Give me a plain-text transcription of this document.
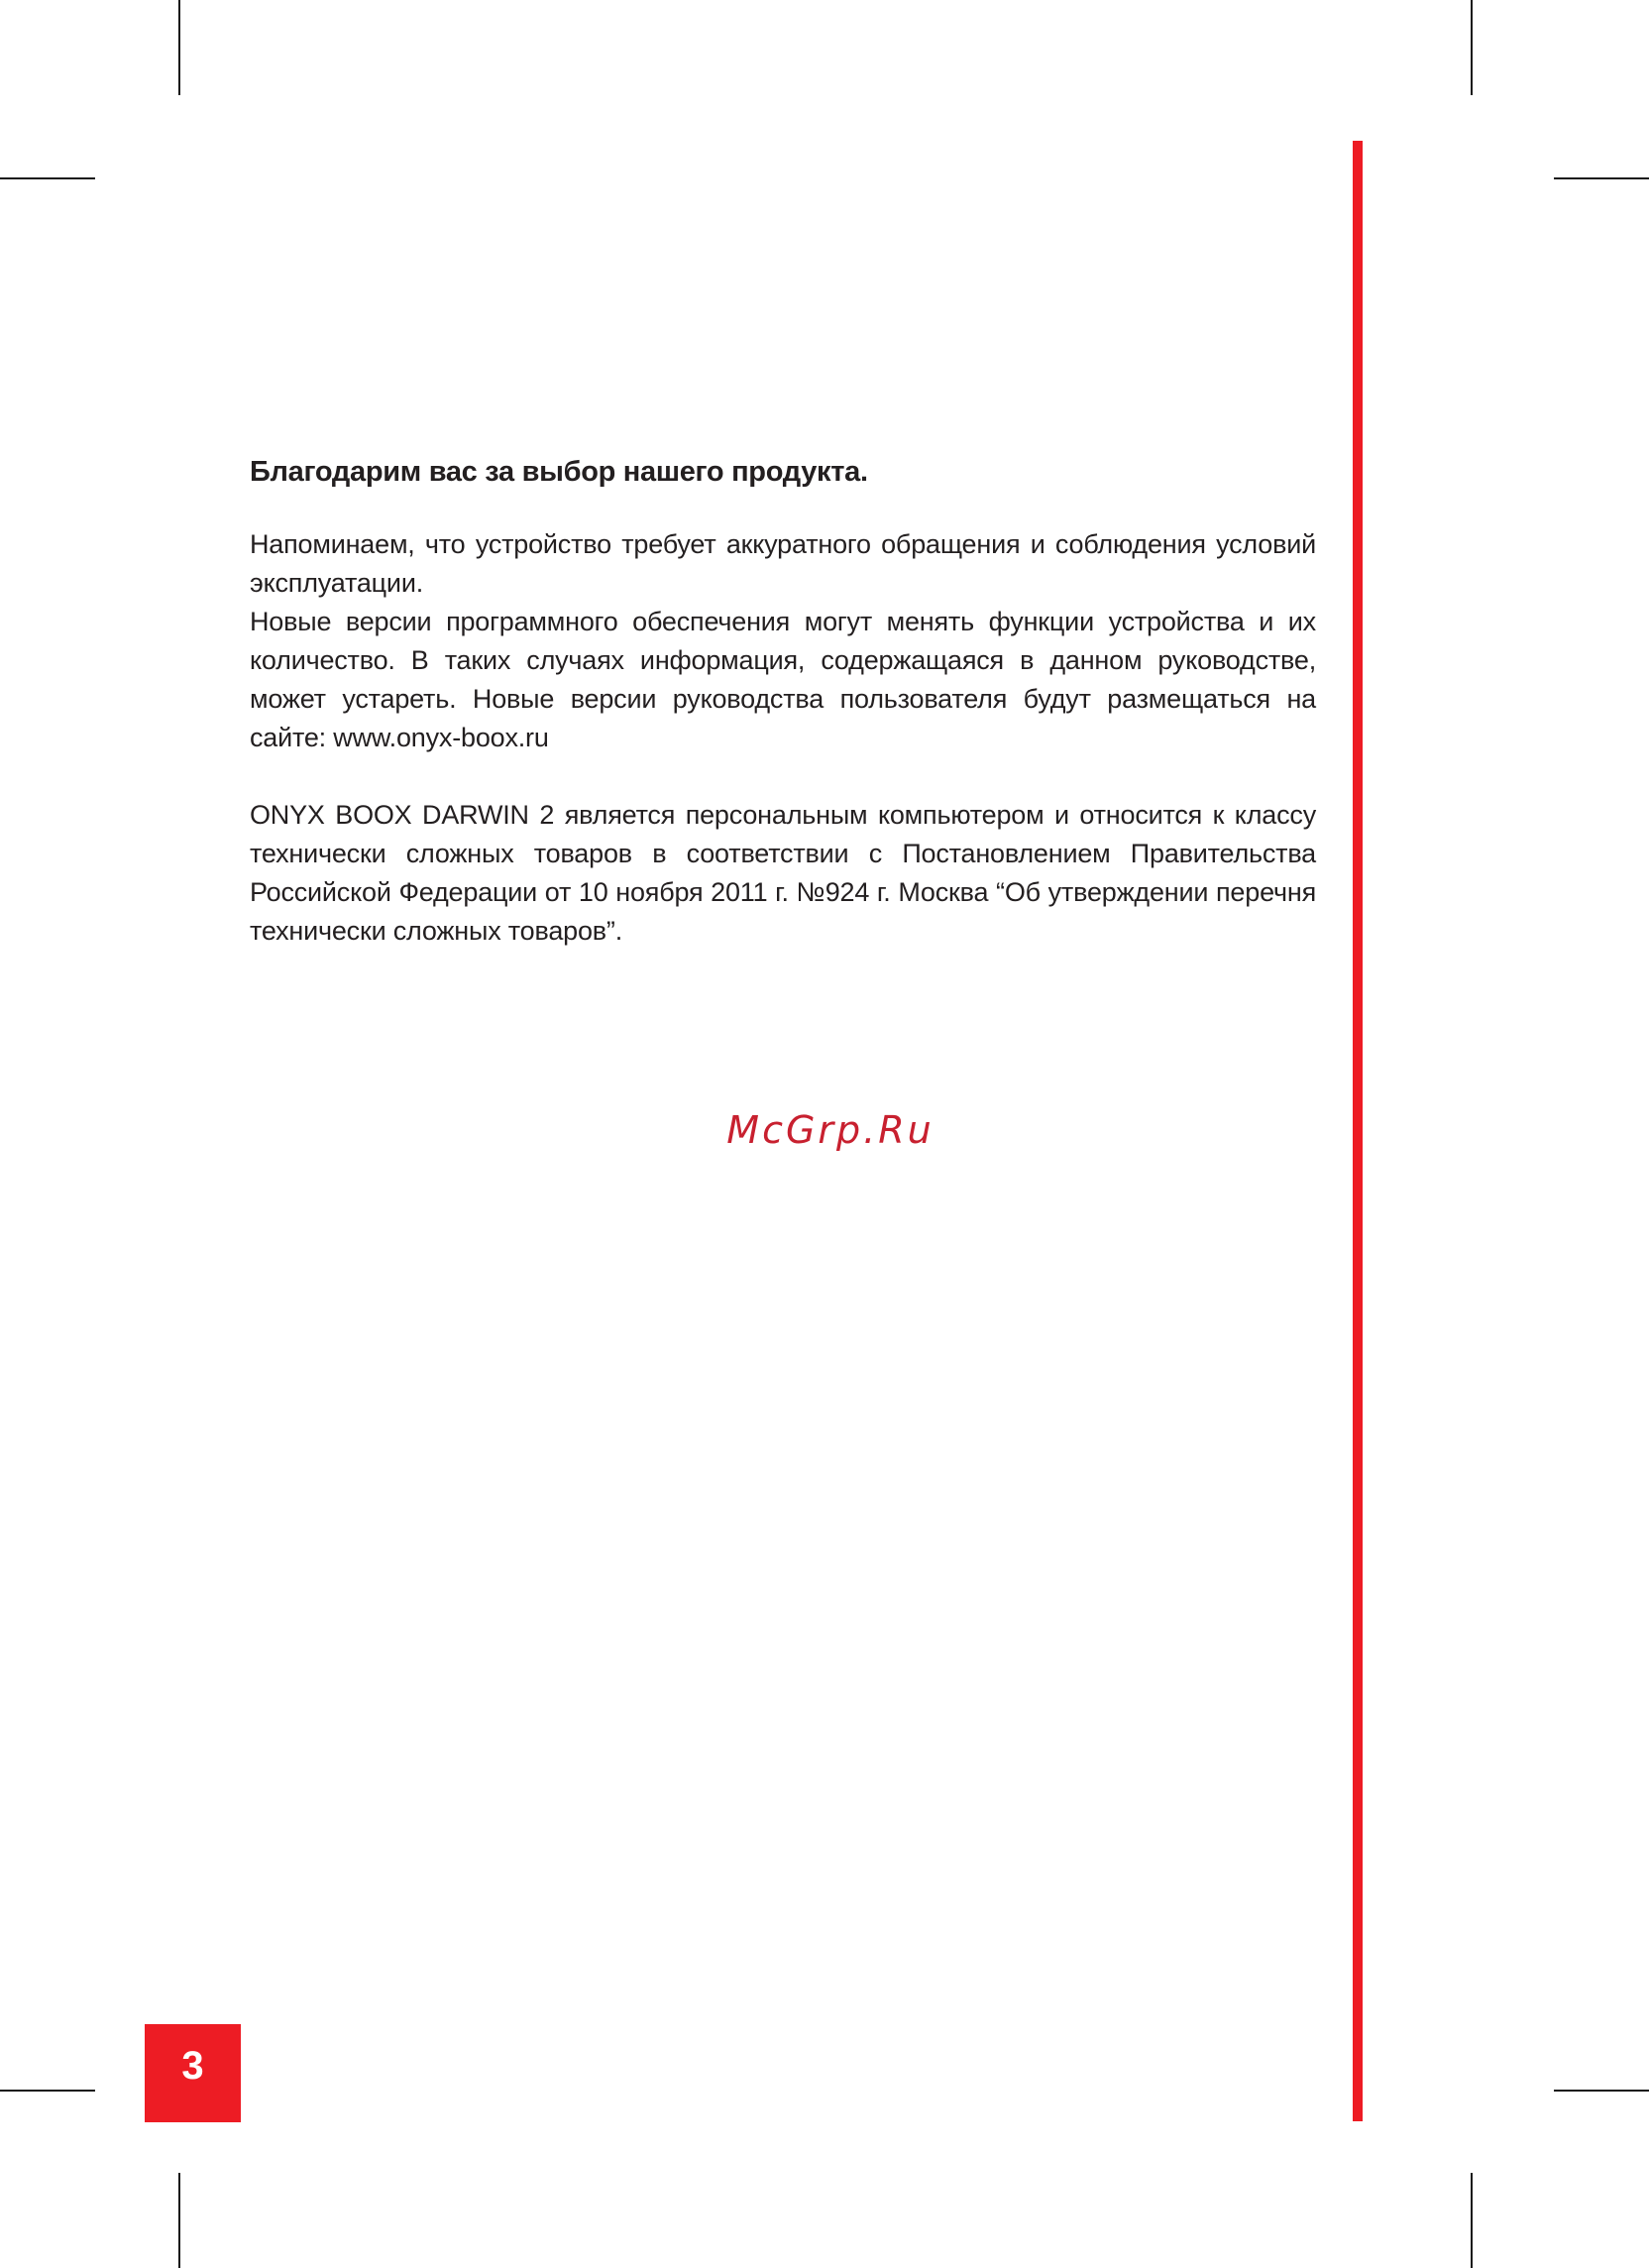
Благодарим вас за выбор нашего продукта.

Напоминаем, что устройство требует аккуратного обращения и соблюдения условий эксплуатации.

Новые версии программного обеспечения могут менять функции устройства и их количество. В таких случаях информация, содержащаяся в данном руководстве, может устареть. Новые версии руководства пользователя будут размещаться на сайте: www.onyx-boox.ru

ONYX BOOX DARWIN 2 является персональным компьютером и относится к классу технически сложных товаров в соответствии с Постановлением Правительства Российской Федерации от 10 ноября 2011 г. №924 г. Москва “Об утверждении перечня технически сложных товаров”.

McGrp.Ru
3
